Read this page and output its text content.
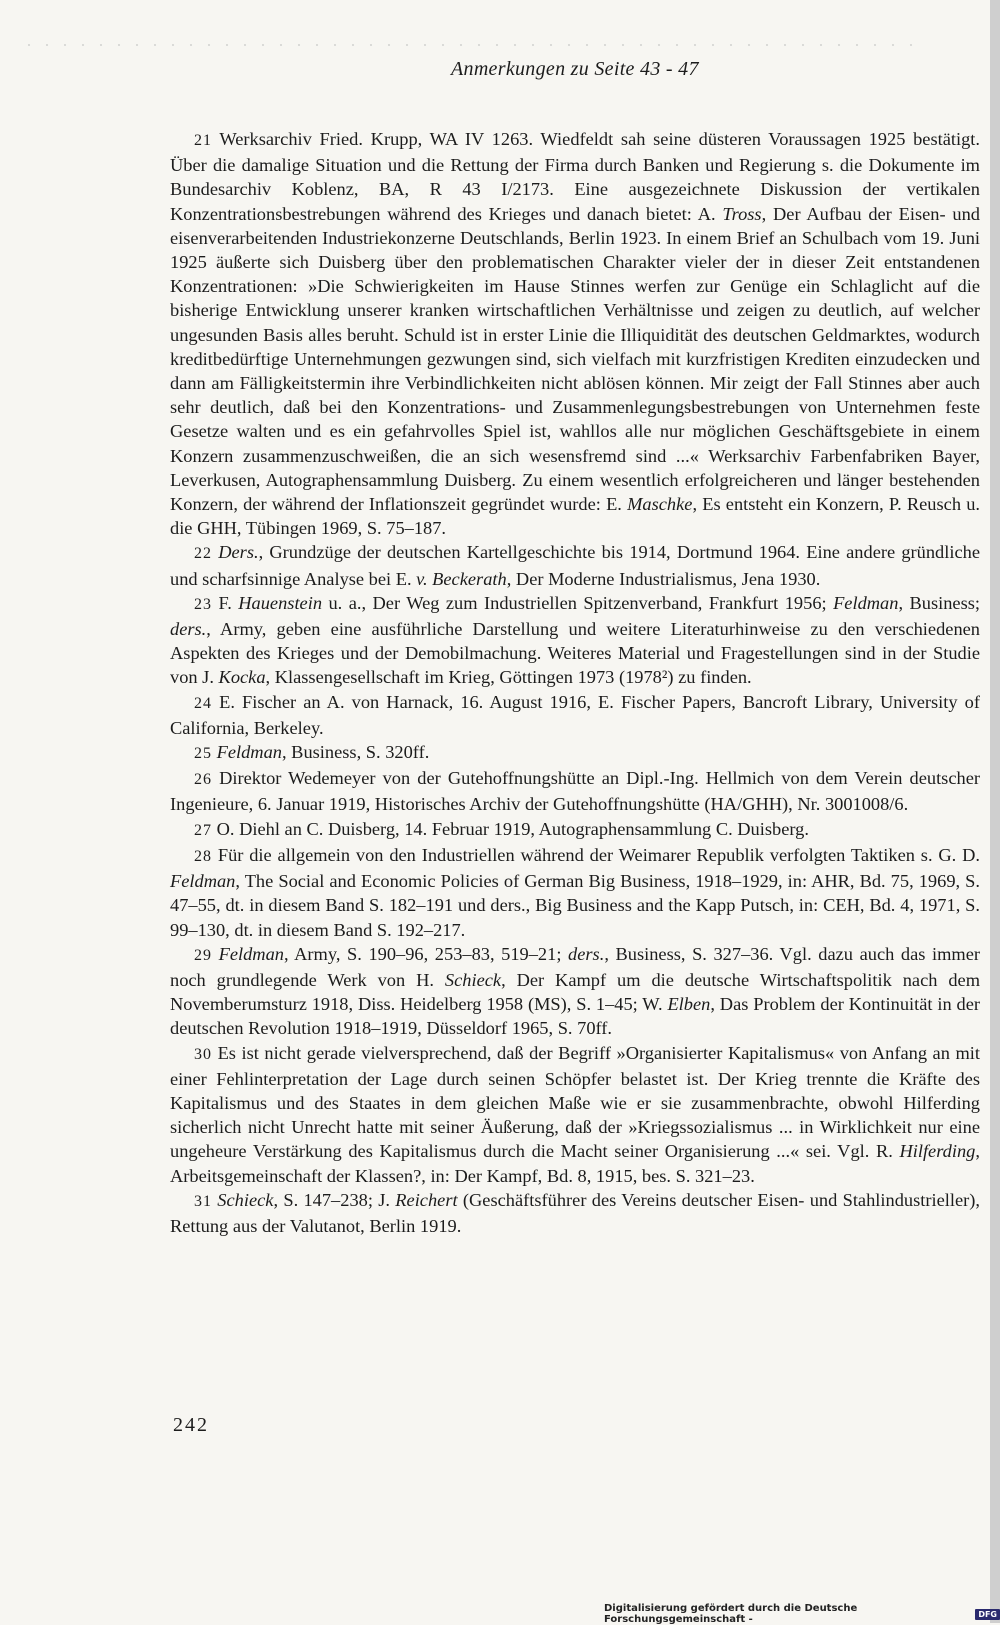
Anmerkungen zu Seite 43 - 47

21 Werksarchiv Fried. Krupp, WA IV 1263. Wiedfeldt sah seine düsteren Voraussagen 1925 bestätigt. Über die damalige Situation und die Rettung der Firma durch Banken und Regierung s. die Dokumente im Bundesarchiv Koblenz, BA, R 43 I/2173. Eine ausgezeichnete Diskussion der vertikalen Konzentrationsbestrebungen während des Krieges und danach bietet: A. Tross, Der Aufbau der Eisen- und eisenverarbeitenden Industriekonzerne Deutschlands, Berlin 1923. In einem Brief an Schulbach vom 19. Juni 1925 äußerte sich Duisberg über den problematischen Charakter vieler der in dieser Zeit entstandenen Konzentrationen: »Die Schwierigkeiten im Hause Stinnes werfen zur Genüge ein Schlaglicht auf die bisherige Entwicklung unserer kranken wirtschaftlichen Verhältnisse und zeigen zu deutlich, auf welcher ungesunden Basis alles beruht. Schuld ist in erster Linie die Illiquidität des deutschen Geldmarktes, wodurch kreditbedürftige Unternehmungen gezwungen sind, sich vielfach mit kurzfristigen Krediten einzudecken und dann am Fälligkeitstermin ihre Verbindlichkeiten nicht ablösen können. Mir zeigt der Fall Stinnes aber auch sehr deutlich, daß bei den Konzentrations- und Zusammenlegungsbestrebungen von Unternehmen feste Gesetze walten und es ein gefahrvolles Spiel ist, wahllos alle nur möglichen Geschäftsgebiete in einem Konzern zusammenzuschweißen, die an sich wesensfremd sind ...« Werksarchiv Farbenfabriken Bayer, Leverkusen, Autographensammlung Duisberg. Zu einem wesentlich erfolgreicheren und länger bestehenden Konzern, der während der Inflationszeit gegründet wurde: E. Maschke, Es entsteht ein Konzern, P. Reusch u. die GHH, Tübingen 1969, S. 75–187.

22 Ders., Grundzüge der deutschen Kartellgeschichte bis 1914, Dortmund 1964. Eine andere gründliche und scharfsinnige Analyse bei E. v. Beckerath, Der Moderne Industrialismus, Jena 1930.

23 F. Hauenstein u. a., Der Weg zum Industriellen Spitzenverband, Frankfurt 1956; Feldman, Business; ders., Army, geben eine ausführliche Darstellung und weitere Literaturhinweise zu den verschiedenen Aspekten des Krieges und der Demobilmachung. Weiteres Material und Fragestellungen sind in der Studie von J. Kocka, Klassengesellschaft im Krieg, Göttingen 1973 (1978²) zu finden.

24 E. Fischer an A. von Harnack, 16. August 1916, E. Fischer Papers, Bancroft Library, University of California, Berkeley.

25 Feldman, Business, S. 320ff.

26 Direktor Wedemeyer von der Gutehoffnungshütte an Dipl.-Ing. Hellmich von dem Verein deutscher Ingenieure, 6. Januar 1919, Historisches Archiv der Gutehoffnungshütte (HA/GHH), Nr. 3001008/6.

27 O. Diehl an C. Duisberg, 14. Februar 1919, Autographensammlung C. Duisberg.

28 Für die allgemein von den Industriellen während der Weimarer Republik verfolgten Taktiken s. G. D. Feldman, The Social and Economic Policies of German Big Business, 1918–1929, in: AHR, Bd. 75, 1969, S. 47–55, dt. in diesem Band S. 182–191 und ders., Big Business and the Kapp Putsch, in: CEH, Bd. 4, 1971, S. 99–130, dt. in diesem Band S. 192–217.

29 Feldman, Army, S. 190–96, 253–83, 519–21; ders., Business, S. 327–36. Vgl. dazu auch das immer noch grundlegende Werk von H. Schieck, Der Kampf um die deutsche Wirtschaftspolitik nach dem Novemberumsturz 1918, Diss. Heidelberg 1958 (MS), S. 1–45; W. Elben, Das Problem der Kontinuität in der deutschen Revolution 1918–1919, Düsseldorf 1965, S. 70ff.

30 Es ist nicht gerade vielversprechend, daß der Begriff »Organisierter Kapitalismus« von Anfang an mit einer Fehlinterpretation der Lage durch seinen Schöpfer belastet ist. Der Krieg trennte die Kräfte des Kapitalismus und des Staates in dem gleichen Maße wie er sie zusammenbrachte, obwohl Hilferding sicherlich nicht Unrecht hatte mit seiner Äußerung, daß der »Kriegssozialismus ... in Wirklichkeit nur eine ungeheure Verstärkung des Kapitalismus durch die Macht seiner Organisierung ...« sei. Vgl. R. Hilferding, Arbeitsgemeinschaft der Klassen?, in: Der Kampf, Bd. 8, 1915, bes. S. 321–23.

31 Schieck, S. 147–238; J. Reichert (Geschäftsführer des Vereins deutscher Eisen- und Stahlindustrieller), Rettung aus der Valutanot, Berlin 1919.

242
Digitalisierung gefördert durch die Deutsche Forschungsgemeinschaft -	DFG
